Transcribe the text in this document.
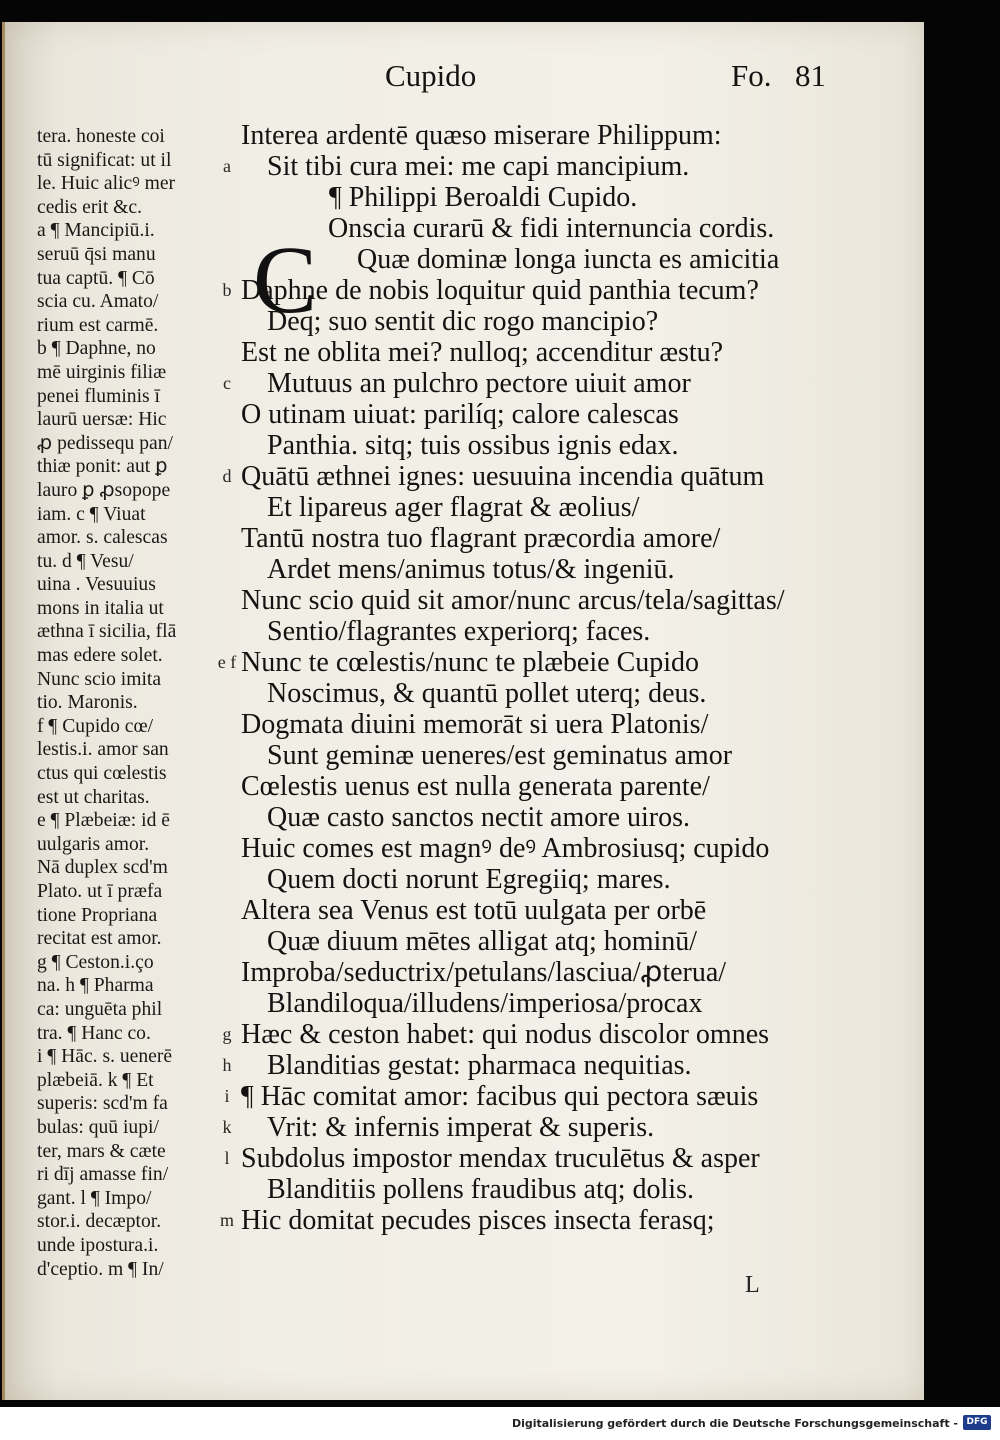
Cupido	Fo. 81
tera. honeste coi
tū significat: ut il
le. Huic alicꝰ mer
cedis erit &c.
a ¶ Mancipiū.i.
seruū q̄si manu
tua captū. ¶ Cō
scia cu. Amato/
rium est carmē.
b ¶ Daphne, no
mē uirginis filiæ
penei fluminis ī
laurū uersæ: Hic
ꝓ pedissequ pan/
thiæ ponit: aut ꝑ
lauro ꝑ ꝓsopope
iam. c ¶ Viuat
amor. s. calescas
tu. d ¶ Vesu/
uina . Vesuuius
mons in italia ut
æthna ī sicilia, flā
mas edere solet.
Nunc scio imita
tio. Maronis.
f ¶ Cupido cœ/
lestis.i. amor san
ctus qui cœlestis
est ut charitas.
e ¶ Plæbeiæ: id ē
uulgaris amor.
Nā duplex scd'm
Plato. ut ī præfa
tione Propriana
recitat est amor.
g ¶ Ceston.i.ço
na. h ¶ Pharma
ca: unguēta phil
tra. ¶ Hanc co.
i ¶ Hāc. s. uenerē
plæbeiā. k ¶ Et
superis: scd'm fa
bulas: quū iupi/
ter, mars & cæte
ri dīj amasse fin/
gant. l ¶ Impo/
stor.i. decæptor.
unde ipostura.i.
d'ceptio. m ¶ In/
C
Interea ardentē quæso miserare Philippum:
a Sit tibi cura mei: me capi mancipium.
¶ Philippi Beroaldi Cupido.
Onscia curarū & fidi internuncia cordis.
Quæ dominæ longa iuncta es amicitia
b Daphne de nobis loquitur quid panthia tecum?
Deq; suo sentit dic rogo mancipio?
Est ne oblita mei? nulloq; accenditur æstu?
c Mutuus an pulchro pectore uiuit amor
O utinam uiuat: parilíq; calore calescas
Panthia. sitq; tuis ossibus ignis edax.
d Quātū æthnei ignes: uesuuina incendia quātum
Et lipareus ager flagrat & æolius/
Tantū nostra tuo flagrant præcordia amore/
Ardet mens/animus totus/& ingeniū.
Nunc scio quid sit amor/nunc arcus/tela/sagittas/
Sentio/flagrantes experiorq; faces.
e f Nunc te cœlestis/nunc te plæbeie Cupido
Noscimus, & quantū pollet uterq; deus.
Dogmata diuini memorāt si uera Platonis/
Sunt geminæ ueneres/est geminatus amor
Cœlestis uenus est nulla generata parente/
Quæ casto sanctos nectit amore uiros.
Huic comes est magnꝰ deꝰ Ambrosiusq; cupido
Quem docti norunt Egregiiq; mares.
Altera sea Venus est totū uulgata per orbē
Quæ diuum mētes alligat atq; hominū/
Improba/seductrix/petulans/lasciua/ꝓterua/
Blandiloqua/illudens/imperiosa/procax
g Hæc & ceston habet: qui nodus discolor omnes
h Blanditias gestat: pharmaca nequitias.
i ¶ Hāc comitat amor: facibus qui pectora sæuis
k Vrit: & infernis imperat & superis.
l Subdolus impostor mendax truculētus & asper
Blanditiis pollens fraudibus atq; dolis.
m Hic domitat pecudes pisces insecta ferasq;
L
Digitalisierung gefördert durch die Deutsche Forschungsgemeinschaft - DFG
